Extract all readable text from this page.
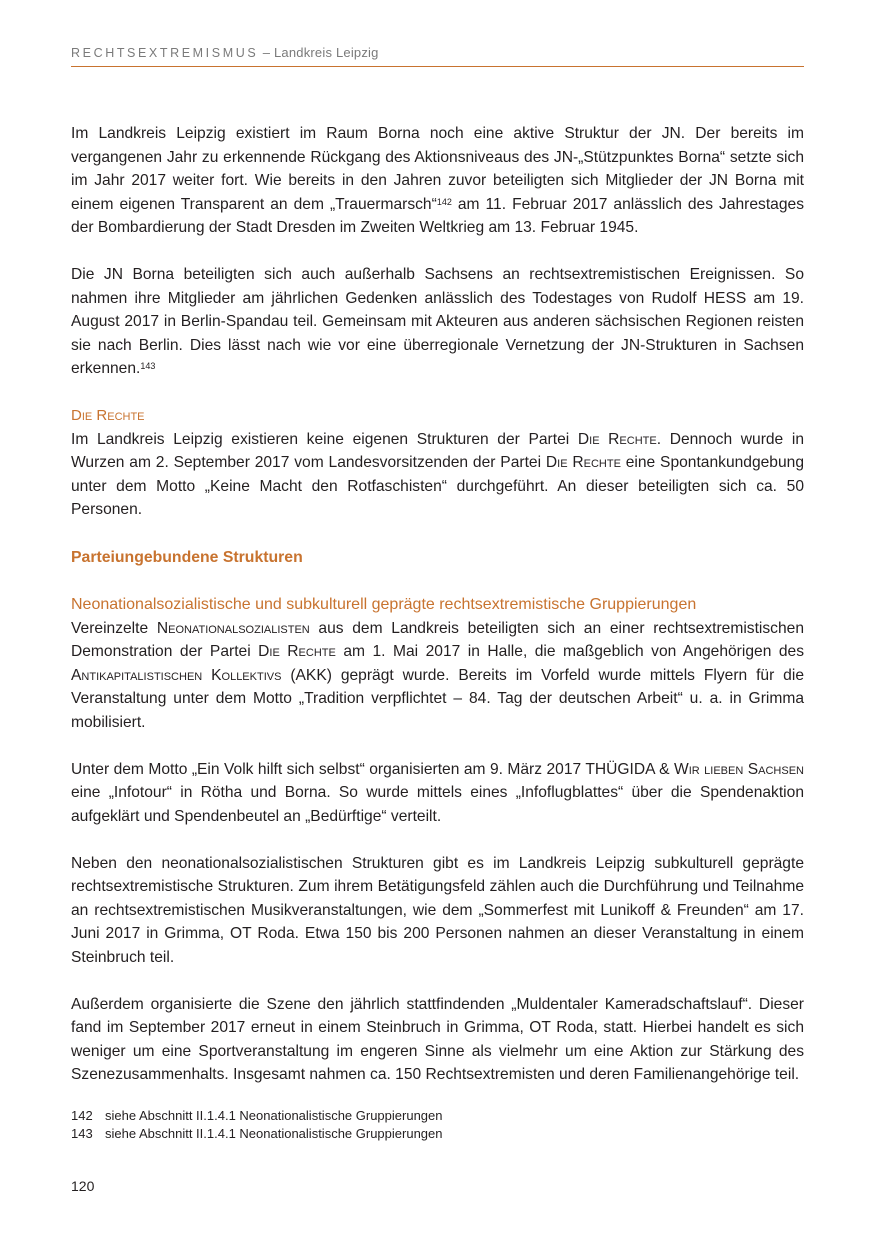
RECHTSEXTREMISMUS – Landkreis Leipzig

Im Landkreis Leipzig existiert im Raum Borna noch eine aktive Struktur der JN. Der bereits im vergangenen Jahr zu erkennende Rückgang des Aktionsniveaus des JN-„Stützpunktes Borna“ setzte sich im Jahr 2017 weiter fort. Wie bereits in den Jahren zuvor beteiligten sich Mitglieder der JN Borna mit einem eigenen Transparent an dem „Trauermarsch“$^{142}$ am 11. Februar 2017 anlässlich des Jahrestages der Bombardierung der Stadt Dresden im Zweiten Weltkrieg am 13. Februar 1945.

Die JN Borna beteiligten sich auch außerhalb Sachsens an rechtsextremistischen Ereignissen. So nahmen ihre Mitglieder am jährlichen Gedenken anlässlich des Todestages von Rudolf HESS am 19. August 2017 in Berlin-Spandau teil. Gemeinsam mit Akteuren aus anderen sächsischen Regionen reisten sie nach Berlin. Dies lässt nach wie vor eine überregionale Vernetzung der JN-Strukturen in Sachsen erkennen.$^{143}$

Die Rechte

Im Landkreis Leipzig existieren keine eigenen Strukturen der Partei Die Rechte. Dennoch wurde in Wurzen am 2. September 2017 vom Landesvorsitzenden der Partei Die Rechte eine Spontankundgebung unter dem Motto „Keine Macht den Rotfaschisten“ durchgeführt. An dieser beteiligten sich ca. 50 Personen.

Parteiungebundene Strukturen
Neonationalsozialistische und subkulturell geprägte rechtsextremistische Gruppierungen

Vereinzelte Neonationalsozialisten aus dem Landkreis beteiligten sich an einer rechtsextremistischen Demonstration der Partei Die Rechte am 1. Mai 2017 in Halle, die maßgeblich von Angehörigen des Antikapitalistischen Kollektivs (AKK) geprägt wurde. Bereits im Vorfeld wurde mittels Flyern für die Veranstaltung unter dem Motto „Tradition verpflichtet – 84. Tag der deutschen Arbeit“ u. a. in Grimma mobilisiert.

Unter dem Motto „Ein Volk hilft sich selbst“ organisierten am 9. März 2017 THÜGIDA & Wir lieben Sachsen eine „Infotour“ in Rötha und Borna. So wurde mittels eines „Infoflugblattes“ über die Spendenaktion aufgeklärt und Spendenbeutel an „Bedürftige“ verteilt.

Neben den neonationalsozialistischen Strukturen gibt es im Landkreis Leipzig subkulturell geprägte rechtsextremistische Strukturen. Zum ihrem Betätigungsfeld zählen auch die Durchführung und Teilnahme an rechtsextremistischen Musikveranstaltungen, wie dem „Sommerfest mit Lunikoff & Freunden“ am 17. Juni 2017 in Grimma, OT Roda. Etwa 150 bis 200 Personen nahmen an dieser Veranstaltung in einem Steinbruch teil.

Außerdem organisierte die Szene den jährlich stattfindenden „Muldentaler Kameradschaftslauf“. Dieser fand im September 2017 erneut in einem Steinbruch in Grimma, OT Roda, statt. Hierbei handelt es sich weniger um eine Sportveranstaltung im engeren Sinne als vielmehr um eine Aktion zur Stärkung des Szenezusammenhalts. Insgesamt nahmen ca. 150 Rechtsextremisten und deren Familienangehörige teil.

142 siehe Abschnitt II.1.4.1 Neonationalistische Gruppierungen
143 siehe Abschnitt II.1.4.1 Neonationalistische Gruppierungen
120
